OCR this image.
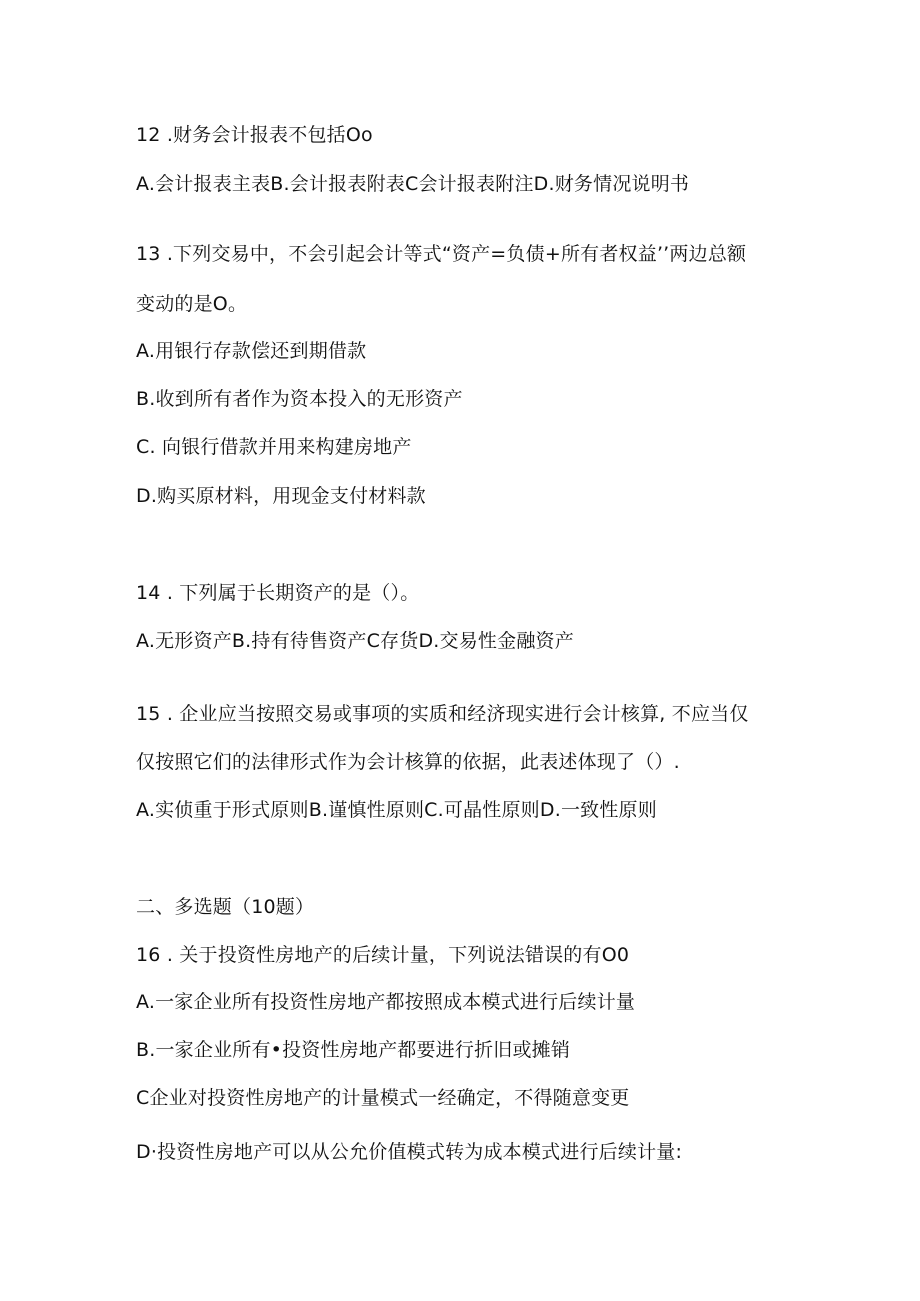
12 .财务会计报表不包括Oo
A.会计报表主表B.会计报表附表C会计报表附注D.财务情况说明书
13 .下列交易中，不会引起会计等式“资产=负债+所有者权益’’两边总额
变动的是O。
A.用银行存款偿还到期借款
B.收到所有者作为资本投入的无形资产
C. 向银行借款并用来构建房地产
D.购买原材料，用现金支付材料款
14 . 下列属于长期资产的是（）。
A.无形资产B.持有待售资产C存货D.交易性金融资产
15 . 企业应当按照交易或事项的实质和经济现实进行会计核算, 不应当仅
仅按照它们的法律形式作为会计核算的依据，此表述体现了（）.
A.实侦重于形式原则B.谨慎性原则C.可晶性原则D.一致性原则
二、多选题（10题）
16 . 关于投资性房地产的后续计量，下列说法错误的有O0
A.一家企业所有投资性房地产都按照成本模式进行后续计量
B.一家企业所有•投资性房地产都要进行折旧或摊销
C企业对投资性房地产的计量模式一经确定，不得随意变更
D·投资性房地产可以从公允价值模式转为成本模式进行后续计量:
